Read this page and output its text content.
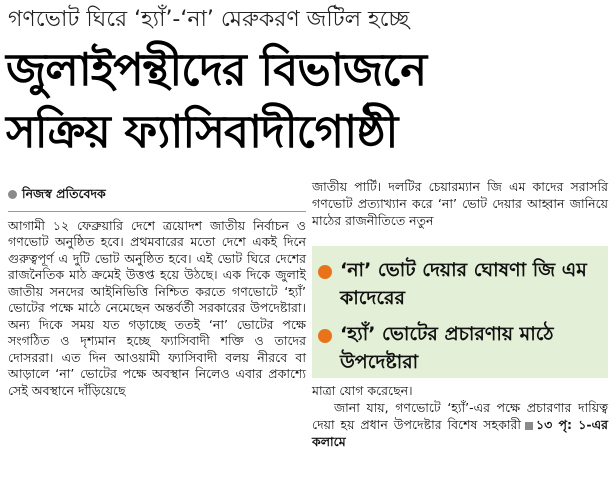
গণভোট ঘিরে ‘হ্যাঁ’-‘না’ মেরুকরণ জটিল হচ্ছে
জুলাইপন্থীদের বিভাজনে
সক্রিয় ফ্যাসিবাদীগোষ্ঠী
নিজস্ব প্রতিবেদক

আগামী ১২ ফেব্রুয়ারি দেশে ত্রয়োদশ জাতীয় নির্বাচন ও গণভোট অনুষ্ঠিত হবে। প্রথমবারের মতো দেশে একই দিনে গুরুত্বপূর্ণ এ দুটি ভোট অনুষ্ঠিত হবে। এই ভোট ঘিরে দেশের রাজনৈতিক মাঠ ক্রমেই উত্তপ্ত হয়ে উঠছে। এক দিকে জুলাই জাতীয় সনদের আইনিভিত্তি নিশ্চিত করতে গণভোটে ‘হ্যাঁ’ ভোটের পক্ষে মাঠে নেমেছেন অন্তর্বর্তী সরকারের উপদেষ্টারা। অন্য দিকে সময় যত গড়াচ্ছে ততই ‘না’ ভোটের পক্ষে সংগঠিত ও দৃশ্যমান হচ্ছে ফ্যাসিবাদী শক্তি ও তাদের দোসররা। এত দিন আওয়ামী ফ্যাসিবাদী বলয় নীরবে বা আড়ালে ‘না’ ভোটের পক্ষে অবস্থান নিলেও এবার প্রকাশ্যে সেই অবস্থানে দাঁড়িয়েছে

জাতীয় পার্টি। দলটির চেয়ারম্যান জি এম কাদের সরাসরি গণভোট প্রত্যাখ্যান করে ‘না’ ভোট দেয়ার আহ্বান জানিয়ে মাঠের রাজনীতিতে নতুন

‘না’ ভোট দেয়ার ঘোষণা জি এম কাদেরের
‘হ্যাঁ’ ভোটের প্রচারণায় মাঠে উপদেষ্টারা

মাত্রা যোগ করেছেন।

জানা যায়, গণভোটে ‘হ্যাঁ’-এর পক্ষে প্রচারণার দায়িত্ব দেয়া হয় প্রধান উপদেষ্টার বিশেষ সহকারী ১৩ পৃ: ১-এর কলামে
